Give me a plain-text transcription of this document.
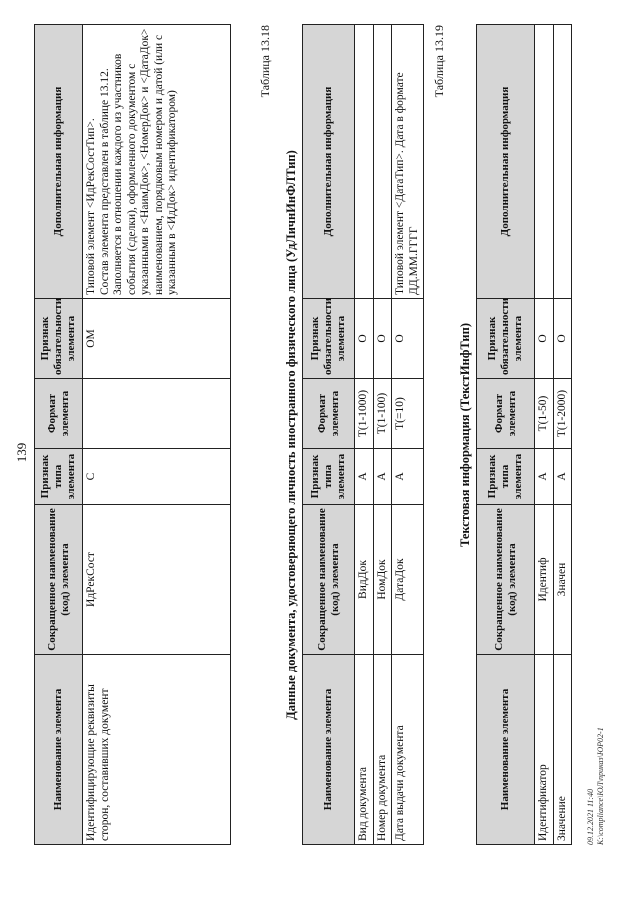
139
Наименование элемента	Сокращенное наименование (код) элемента	Признак типа элемента	Формат элемента	Признак обязательности элемента	Дополнительная информация
Идентифицирующие реквизиты сторон, составивших документ	ИдРекСост	С		ОМ	Типовой элемент <ИдРекСостТип>. Состав элемента представлен в таблице 13.12. Заполняется в отношении каждого из участников события (сделки), оформленного документом с указанными в <НаимДок>, <НомерДок> и <ДатаДок> наименованием, порядковым номером и датой (или с указанным в <ИдДок> идентификатором)

Таблица 13.18
Данные документа, удостоверяющего личность иностранного физического лица (УдЛичнИнФЛТип)
Наименование элемента	Сокращенное наименование (код) элемента	Признак типа элемента	Формат элемента	Признак обязательности элемента	Дополнительная информация
Вид документа	ВидДок	А	Т(1-1000)	О	
Номер документа	НомДок	А	Т(1-100)	О	
Дата выдачи документа	ДатаДок	А	Т(=10)	О	Типовой элемент <ДатаТип>. Дата в формате ДД.ММ.ГГГГ
Таблица 13.19
Текстовая информация (ТекстИнфТип)
Наименование элемента	Сокращенное наименование (код) элемента	Признак типа элемента	Формат элемента	Признак обязательности элемента	Дополнительная информация
Идентификатор	Идентиф	А	Т(1-50)	О	
Значение	Значен	А	Т(1-2000)	О	
09.12.2021 11:40 К:\compliance\ЮЛ\приказ\ЮР02-1
